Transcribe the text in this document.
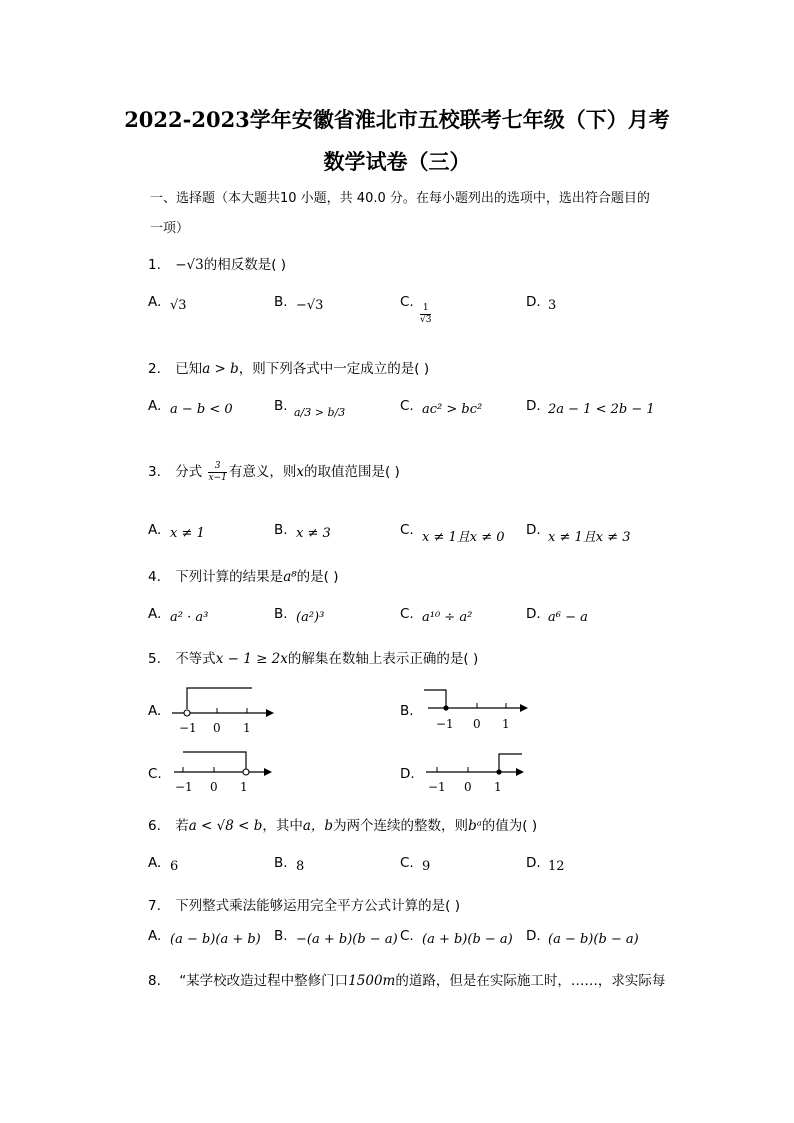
2022-2023学年安徽省淮北市五校联考七年级（下）月考
数学试卷（三）
一、选择题（本大题共10 小题，共 40.0 分。在每小题列出的选项中，选出符合题目的
一项）
1. −√3的相反数是( )
A. √3	B. −√3	C.
$\frac{1}{√3}$
D. 3
2. 已知a > b，则下列各式中一定成立的是( )
A. a − b < 0	B. a/3 > b/3	C. ac² > bc²	D. 2a − 1 < 2b − 1
3. 分式 $\frac{3}{x-1}$ 有意义，则x的取值范围是( )
A. x ≠ 1	B. x ≠ 3	C. x ≠ 1且x ≠ 0 D. x ≠ 1且x ≠ 3
4. 下列计算的结果是a⁸的是( )
A. a² · a³	B. (a²)³	C. a¹⁰ ÷ a²	D. a⁶ − a
5. 不等式x − 1 ≥ 2x的解集在数轴上表示正确的是( )
A.
−1 0 1
B.
−1 0 1
C.
−1 0 1
D.
−1 0 1
6. 若a < √8 < b，其中a，b为两个连续的整数，则bᵃ的值为( )
A. 6	B. 8	C. 9	D. 12
7. 下列整式乘法能够运用完全平方公式计算的是( )
A. (a − b)(a + b) B. −(a + b)(b − a) C. (a + b)(b − a) D. (a − b)(b − a)
8. “某学校改造过程中整修门口1500m的道路，但是在实际施工时，……，求实际每
